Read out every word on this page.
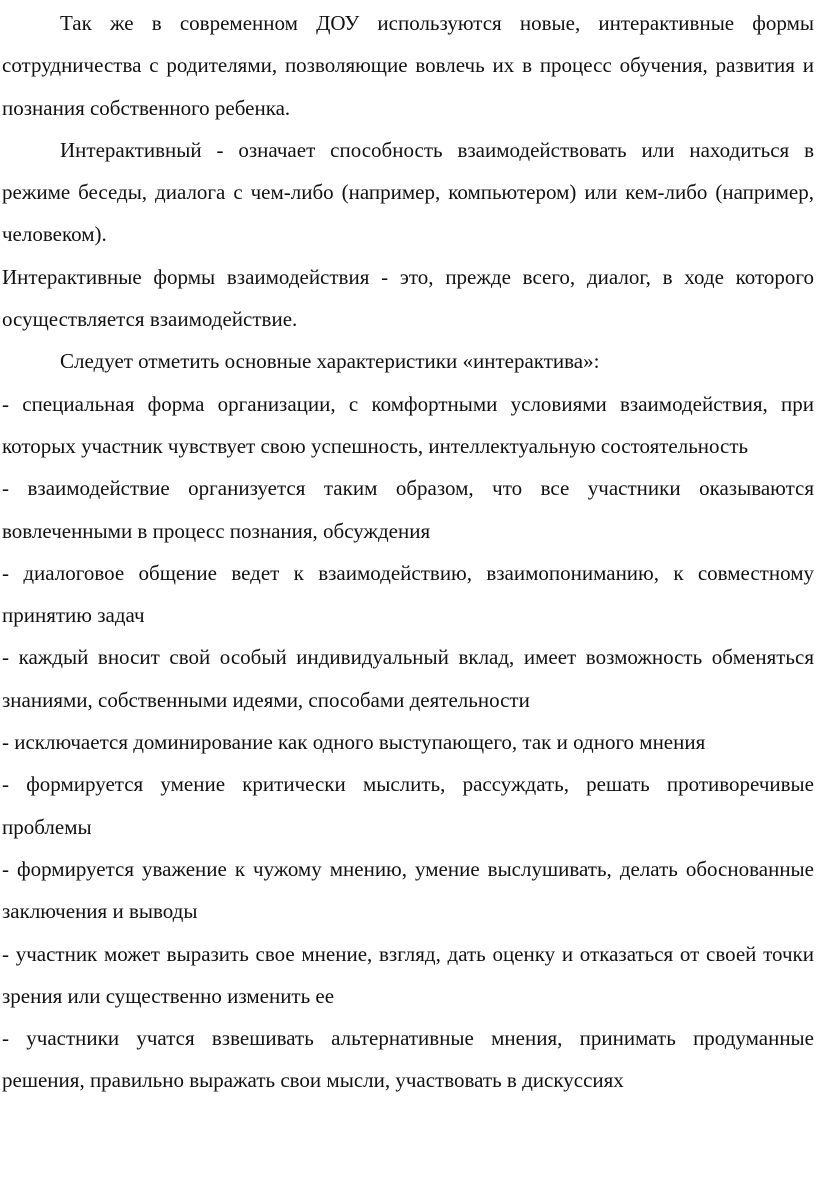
Так же в современном ДОУ используются новые, интерактивные формы сотрудничества с родителями, позволяющие вовлечь их в процесс обучения, развития и познания собственного ребенка.

Интерактивный - означает способность взаимодействовать или находиться в режиме беседы, диалога с чем-либо (например, компьютером) или кем-либо (например, человеком).

Интерактивные формы взаимодействия - это, прежде всего, диалог, в ходе которого осуществляется взаимодействие.

Следует отметить основные характеристики «интерактива»:

- специальная форма организации, с комфортными условиями взаимодействия, при которых участник чувствует свою успешность, интеллектуальную состоятельность

- взаимодействие организуется таким образом, что все участники оказываются вовлеченными в процесс познания, обсуждения

- диалоговое общение ведет к взаимодействию, взаимопониманию, к совместному принятию задач

- каждый вносит свой особый индивидуальный вклад, имеет возможность обменяться знаниями, собственными идеями, способами деятельности

- исключается доминирование как одного выступающего, так и одного мнения

- формируется умение критически мыслить, рассуждать, решать противоречивые проблемы

- формируется уважение к чужому мнению, умение выслушивать, делать обоснованные заключения и выводы

- участник может выразить свое мнение, взгляд, дать оценку и отказаться от своей точки зрения или существенно изменить ее

- участники учатся взвешивать альтернативные мнения, принимать продуманные решения, правильно выражать свои мысли, участвовать в дискуссиях
